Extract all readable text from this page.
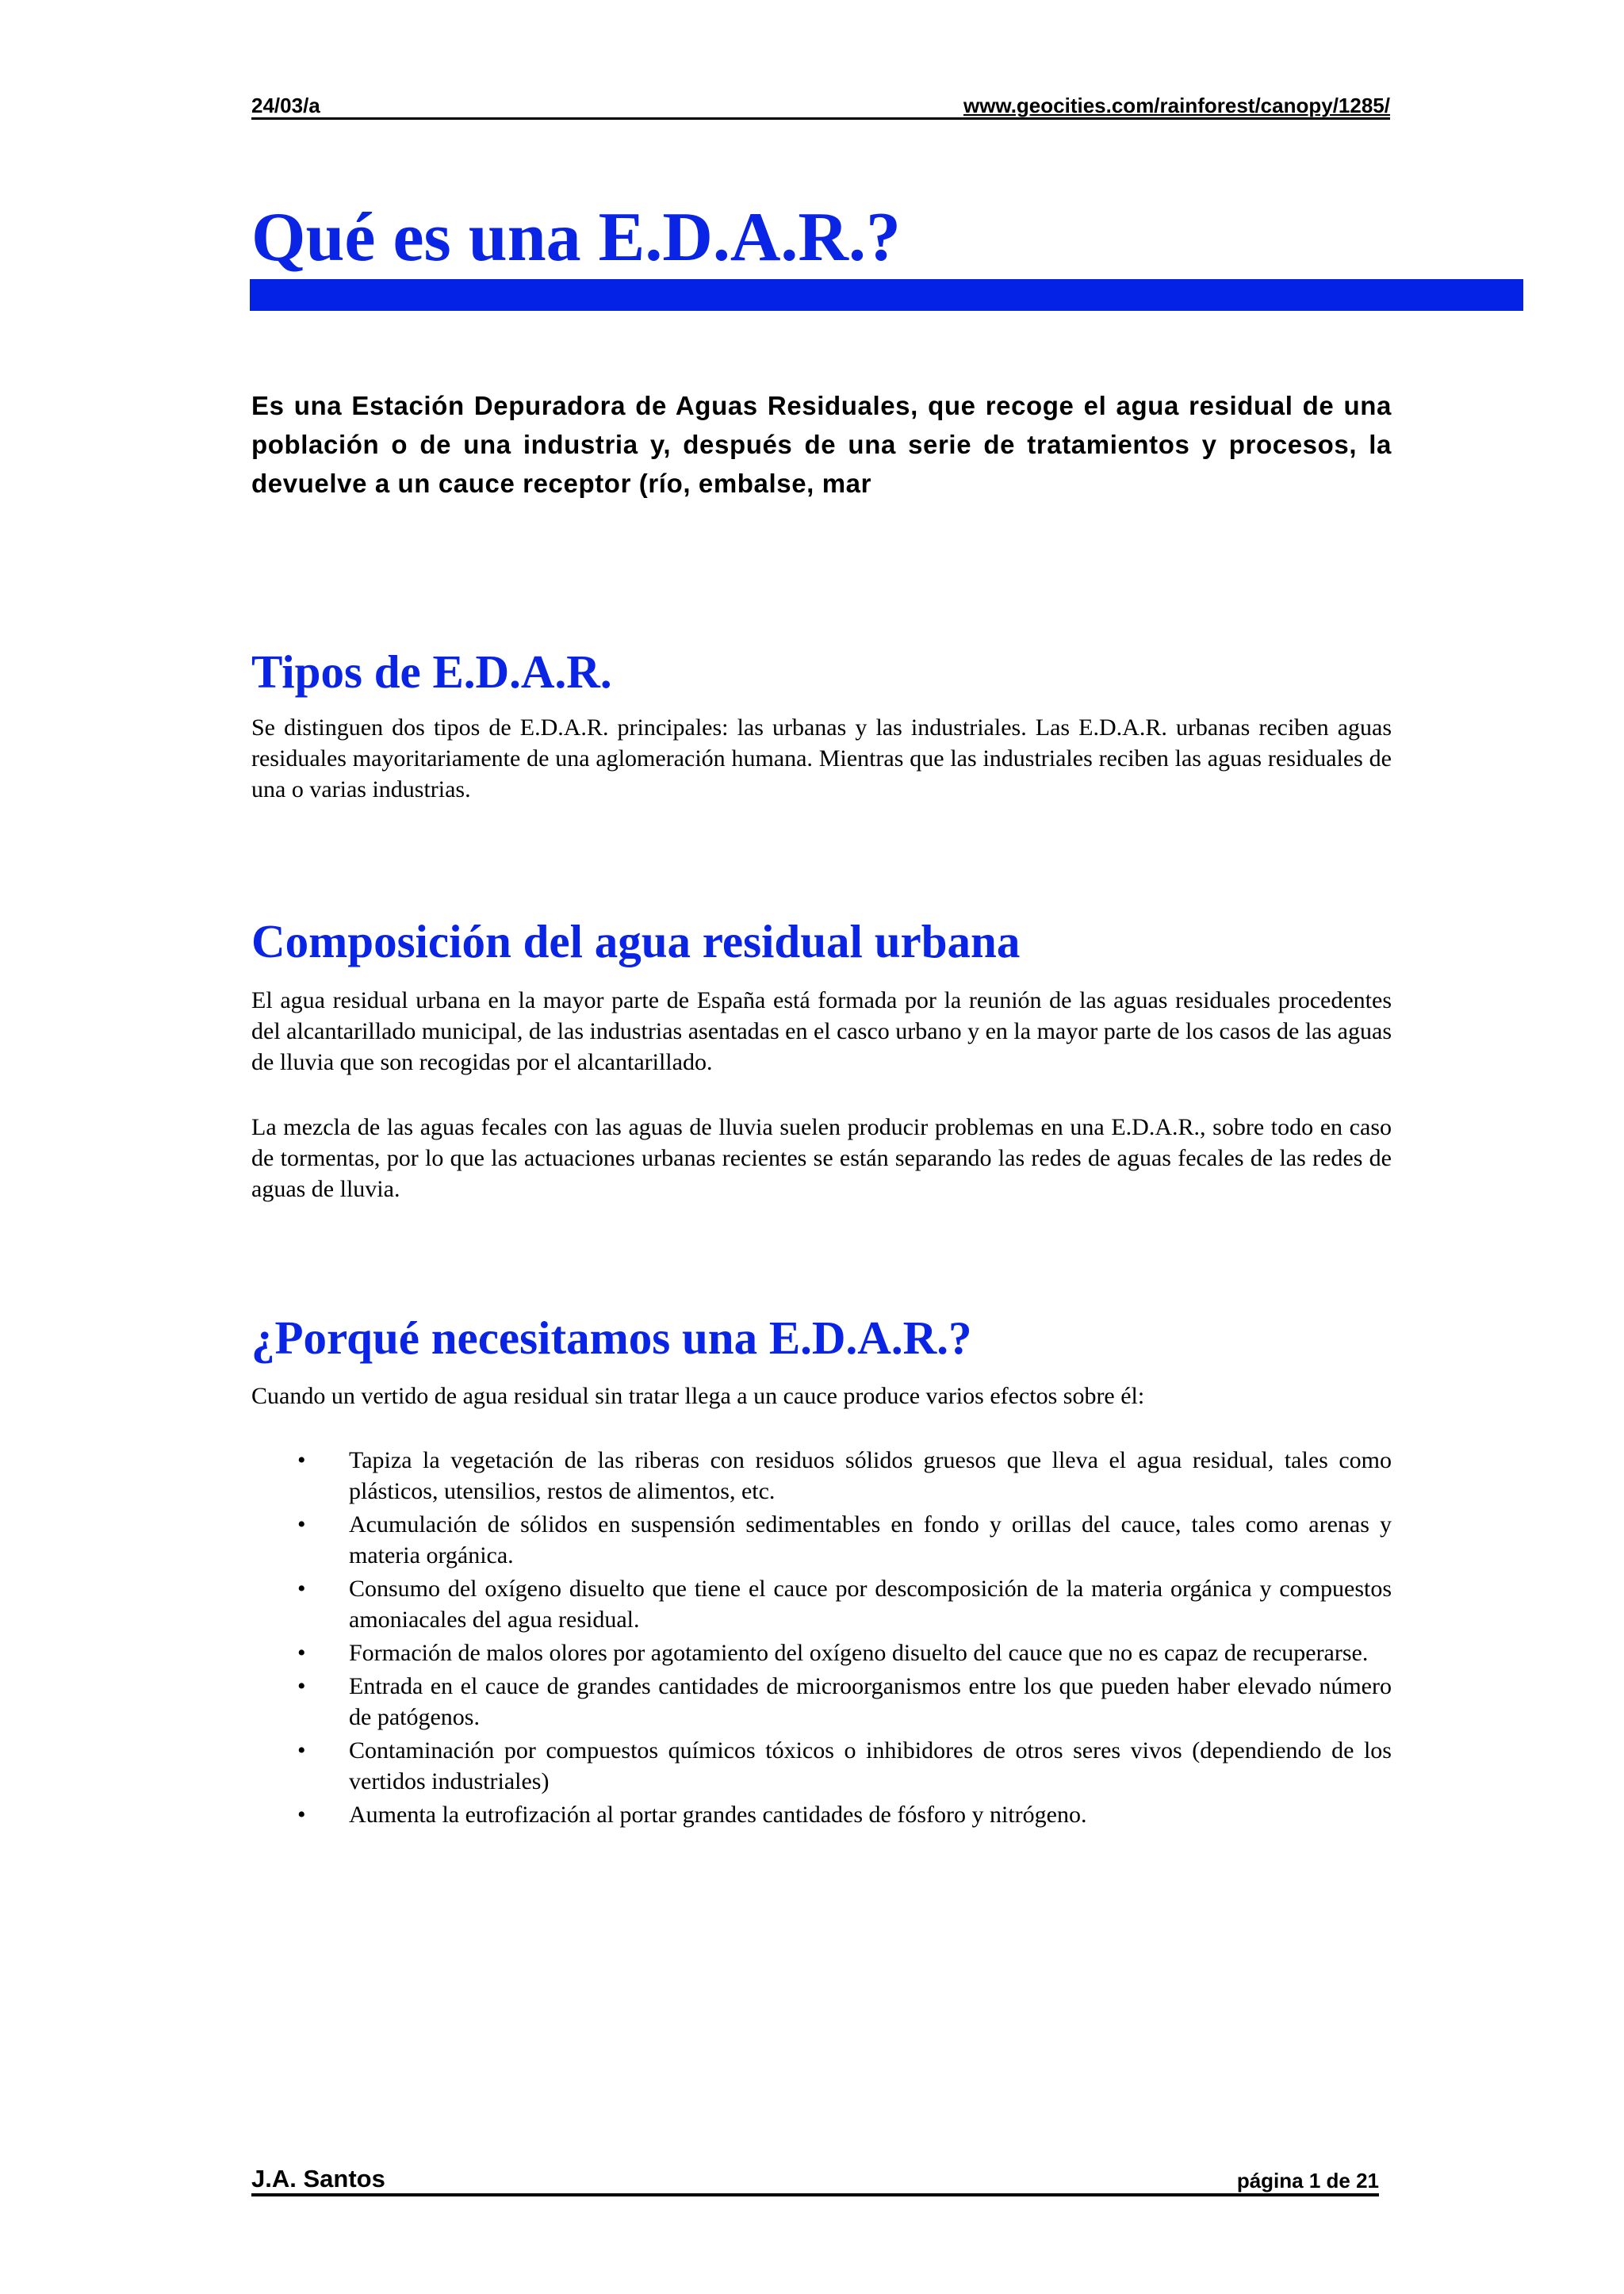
24/03/a	www.geocities.com/rainforest/canopy/1285/
Qué es una E.D.A.R.?

Es una Estación Depuradora de Aguas Residuales, que recoge el agua residual de una población o de una industria y, después de una serie de tratamientos y procesos, la devuelve a un cauce receptor (río, embalse, mar

Tipos de E.D.A.R.

Se distinguen dos tipos de E.D.A.R. principales: las urbanas y las industriales. Las E.D.A.R. urbanas reciben aguas residuales mayoritariamente de una aglomeración humana. Mientras que las industriales reciben las aguas residuales de una o varias industrias.

Composición del agua residual urbana

El agua residual urbana en la mayor parte de España está formada por la reunión de las aguas residuales procedentes del alcantarillado municipal, de las industrias asentadas en el casco urbano y en la mayor parte de los casos de las aguas de lluvia que son recogidas por el alcantarillado.

La mezcla de las aguas fecales con las aguas de lluvia suelen producir problemas en una E.D.A.R., sobre todo en caso de tormentas, por lo que las actuaciones urbanas recientes se están separando las redes de aguas fecales de las redes de aguas de lluvia.

¿Porqué necesitamos una E.D.A.R.?

Cuando un vertido de agua residual sin tratar llega a un cauce produce varios efectos sobre él:

• Tapiza la vegetación de las riberas con residuos sólidos gruesos que lleva el agua residual, tales como plásticos, utensilios, restos de alimentos, etc.
• Acumulación de sólidos en suspensión sedimentables en fondo y orillas del cauce, tales como arenas y materia orgánica.
• Consumo del oxígeno disuelto que tiene el cauce por descomposición de la materia orgánica y compuestos amoniacales del agua residual.
• Formación de malos olores por agotamiento del oxígeno disuelto del cauce que no es capaz de recuperarse.
• Entrada en el cauce de grandes cantidades de microorganismos entre los que pueden haber elevado número de patógenos.
• Contaminación por compuestos químicos tóxicos o inhibidores de otros seres vivos (dependiendo de los vertidos industriales)
• Aumenta la eutrofización al portar grandes cantidades de fósforo y nitrógeno.
J.A. Santos	página 1 de 21
